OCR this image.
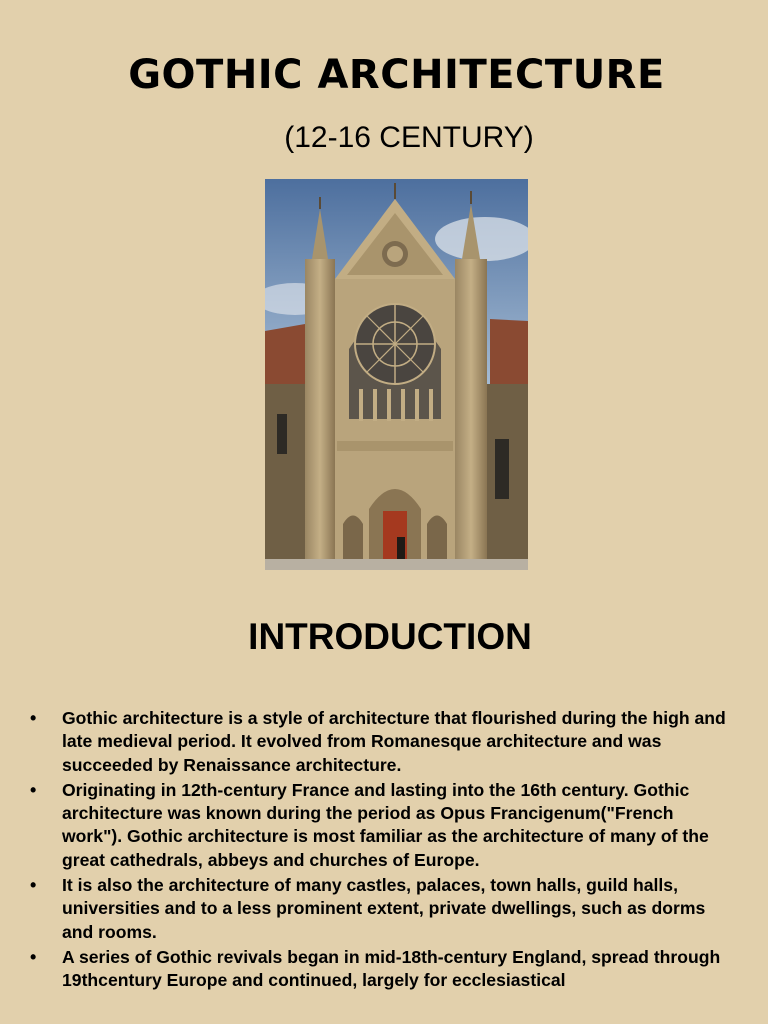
GOTHIC ARCHITECTURE
(12-16 CENTURY)
INTRODUCTION
• Gothic architecture is a style of architecture that flourished during the high and late medieval period. It evolved from Romanesque architecture and was succeeded by Renaissance architecture.
• Originating in 12th-century France and lasting into the 16th century. Gothic architecture was known during the period as Opus Francigenum("French work"). Gothic architecture is most familiar as the architecture of many of the great cathedrals, abbeys and churches of Europe.
• It is also the architecture of many castles, palaces, town halls, guild halls, universities and to a less prominent extent, private dwellings, such as dorms and rooms.
• A series of Gothic revivals began in mid-18th-century England, spread through 19thcentury Europe and continued, largely for ecclesiastical
